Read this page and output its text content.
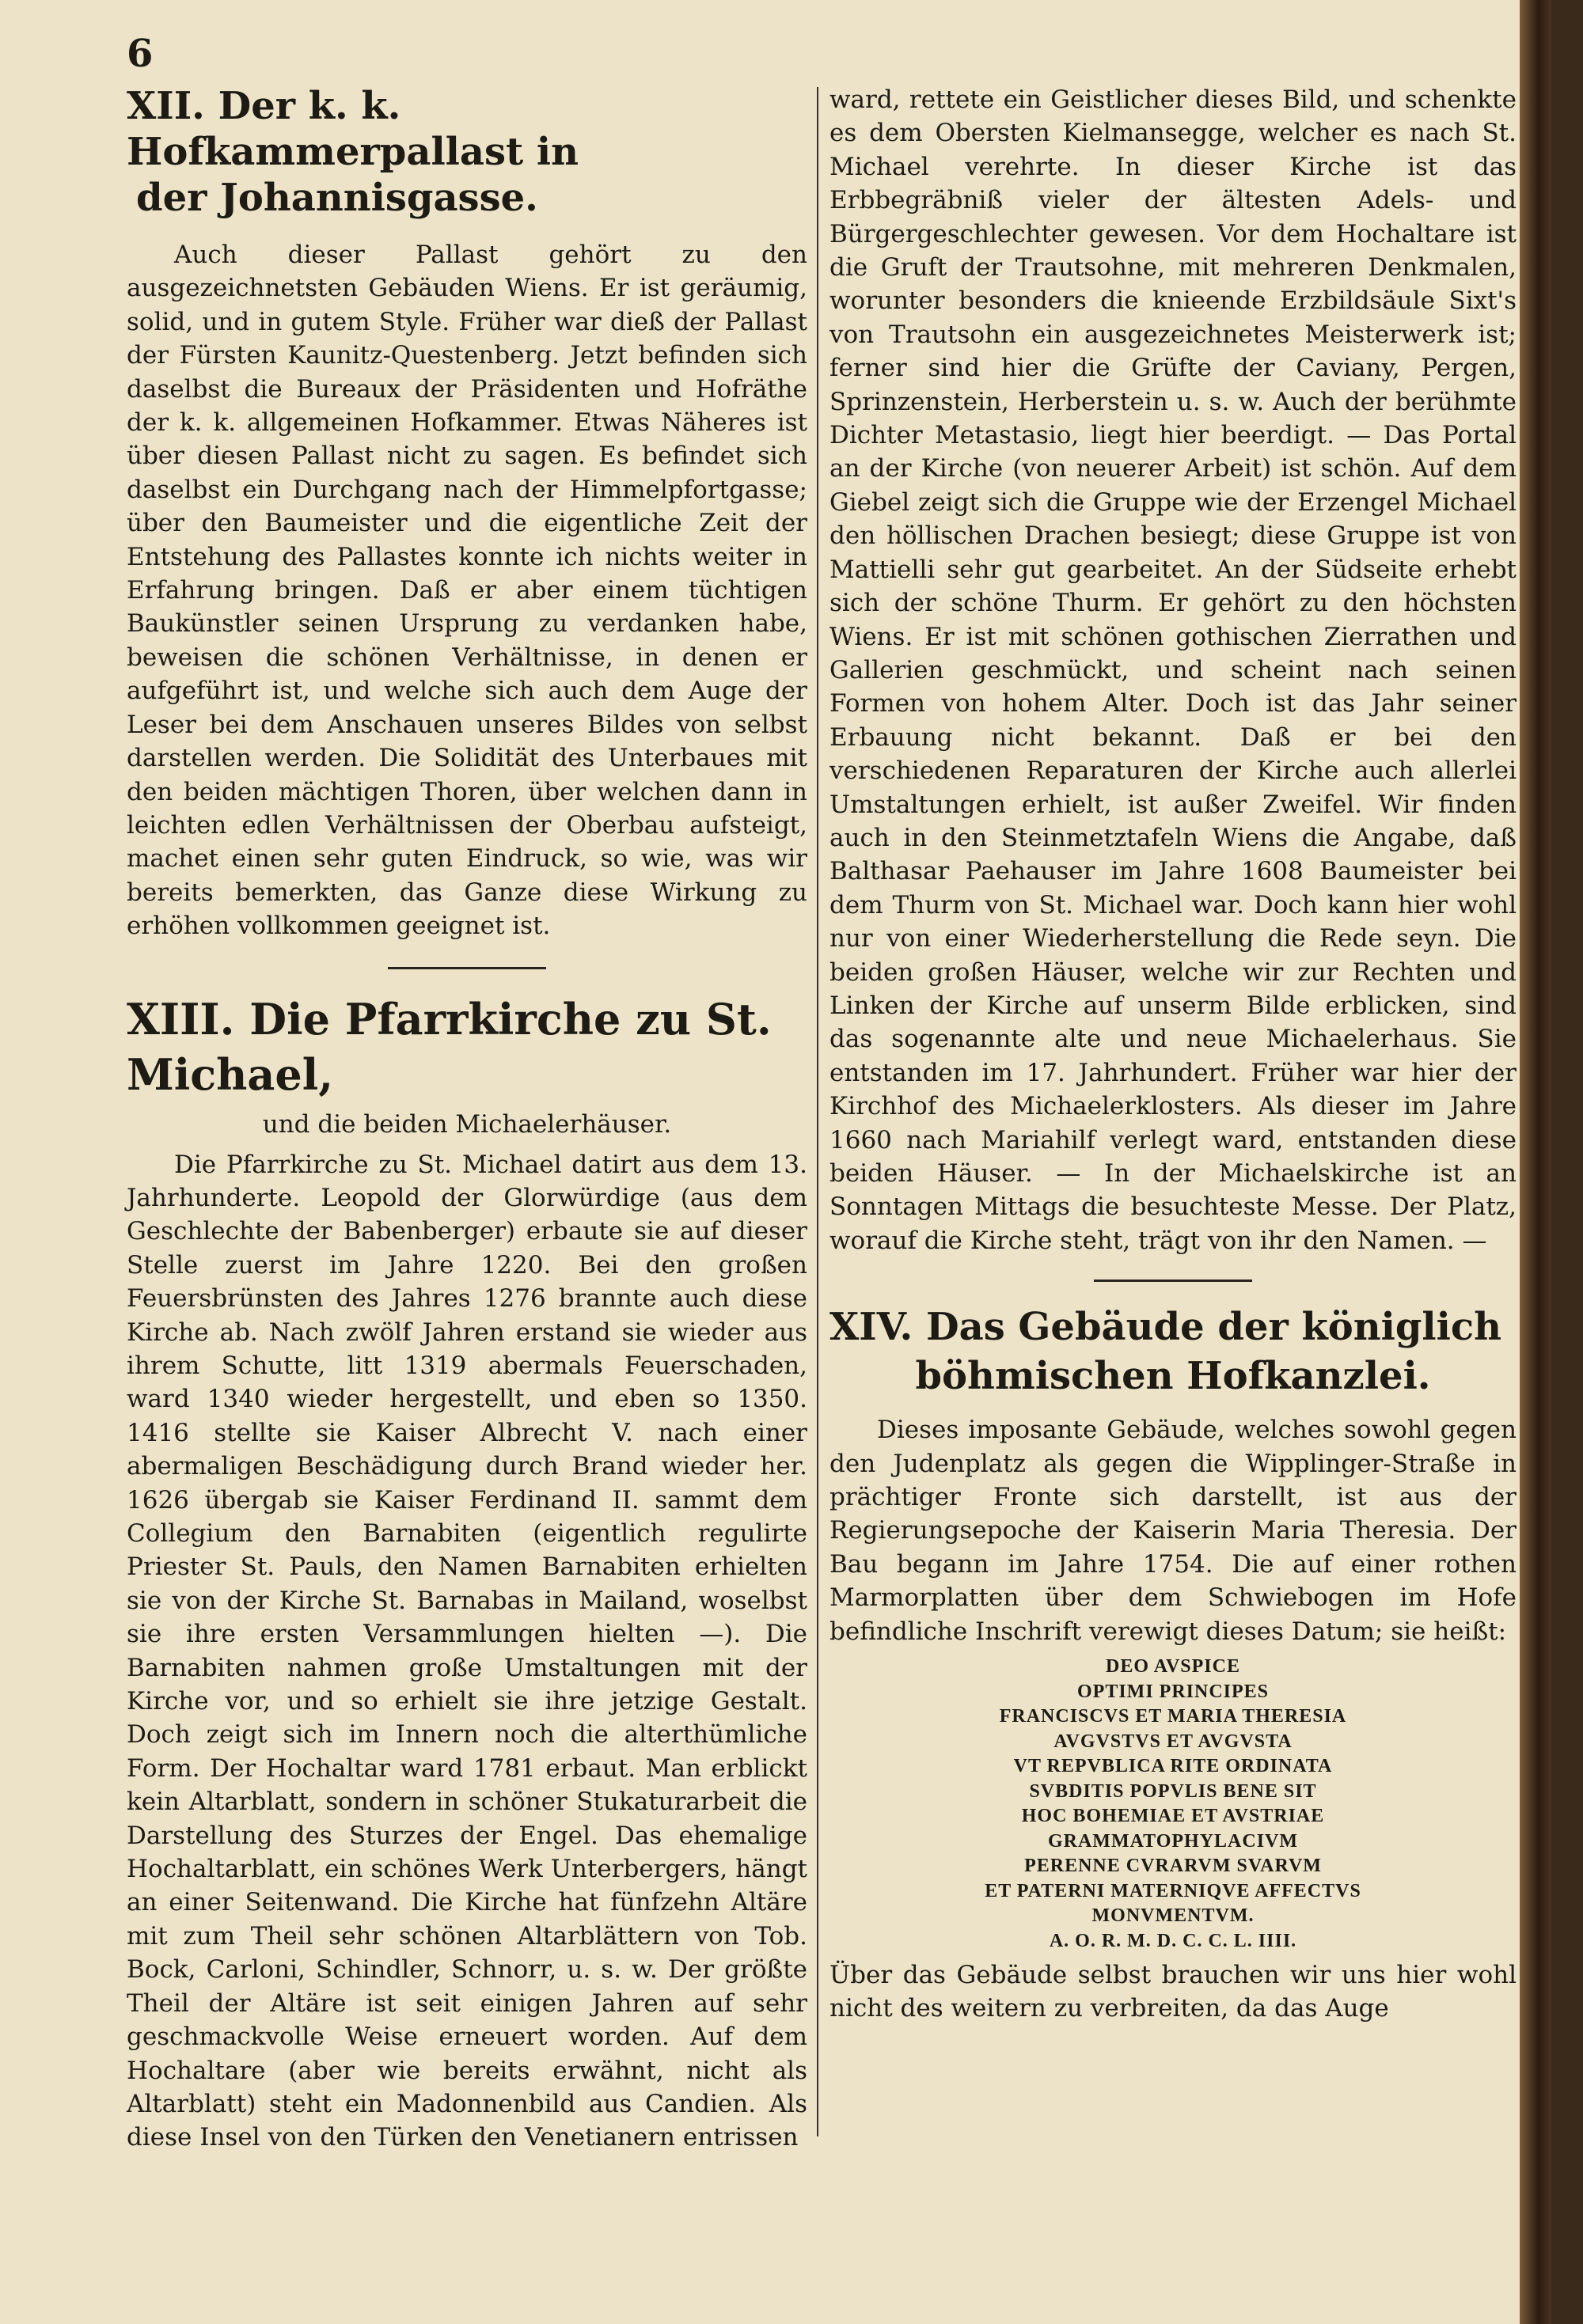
6
XII. Der k. k. Hofkammerpallast in
der Johannisgasse.

Auch dieser Pallast gehört zu den ausgezeichnetsten Gebäuden Wiens. Er ist geräumig, solid, und in gutem Style. Früher war dieß der Pallast der Fürsten Kaunitz-Questenberg. Jetzt befinden sich daselbst die Bureaux der Präsidenten und Hofräthe der k. k. allgemeinen Hofkammer. Etwas Näheres ist über diesen Pallast nicht zu sagen. Es befindet sich daselbst ein Durchgang nach der Himmelpfortgasse; über den Baumeister und die eigentliche Zeit der Entstehung des Pallastes konnte ich nichts weiter in Erfahrung bringen. Daß er aber einem tüchtigen Baukünstler seinen Ursprung zu verdanken habe, beweisen die schönen Verhältnisse, in denen er aufgeführt ist, und welche sich auch dem Auge der Leser bei dem Anschauen unseres Bildes von selbst darstellen werden. Die Solidität des Unterbaues mit den beiden mächtigen Thoren, über welchen dann in leichten edlen Verhältnissen der Oberbau aufsteigt, machet einen sehr guten Eindruck, so wie, was wir bereits bemerkten, das Ganze diese Wirkung zu erhöhen vollkommen geeignet ist.

XIII. Die Pfarrkirche zu St. Michael,
und die beiden Michaelerhäuser.

Die Pfarrkirche zu St. Michael datirt aus dem 13. Jahrhunderte. Leopold der Glorwürdige (aus dem Geschlechte der Babenberger) erbaute sie auf dieser Stelle zuerst im Jahre 1220. Bei den großen Feuersbrünsten des Jahres 1276 brannte auch diese Kirche ab. Nach zwölf Jahren erstand sie wieder aus ihrem Schutte, litt 1319 abermals Feuerschaden, ward 1340 wieder hergestellt, und eben so 1350. 1416 stellte sie Kaiser Albrecht V. nach einer abermaligen Beschädigung durch Brand wieder her. 1626 übergab sie Kaiser Ferdinand II. sammt dem Collegium den Barnabiten (eigentlich regulirte Priester St. Pauls, den Namen Barnabiten erhielten sie von der Kirche St. Barnabas in Mailand, woselbst sie ihre ersten Versammlungen hielten —). Die Barnabiten nahmen große Umstaltungen mit der Kirche vor, und so erhielt sie ihre jetzige Gestalt. Doch zeigt sich im Innern noch die alterthümliche Form. Der Hochaltar ward 1781 erbaut. Man erblickt kein Altarblatt, sondern in schöner Stukaturarbeit die Darstellung des Sturzes der Engel. Das ehemalige Hochaltarblatt, ein schönes Werk Unterbergers, hängt an einer Seitenwand. Die Kirche hat fünfzehn Altäre mit zum Theil sehr schönen Altarblättern von Tob. Bock, Carloni, Schindler, Schnorr, u. s. w. Der größte Theil der Altäre ist seit einigen Jahren auf sehr geschmackvolle Weise erneuert worden. Auf dem Hochaltare (aber wie bereits erwähnt, nicht als Altarblatt) steht ein Madonnenbild aus Candien. Als diese Insel von den Türken den Venetianern entrissen

ward, rettete ein Geistlicher dieses Bild, und schenkte es dem Obersten Kielmansegge, welcher es nach St. Michael verehrte. In dieser Kirche ist das Erbbegräbniß vieler der ältesten Adels- und Bürgergeschlechter gewesen. Vor dem Hochaltare ist die Gruft der Trautsohne, mit mehreren Denkmalen, worunter besonders die knieende Erzbildsäule Sixt's von Trautsohn ein ausgezeichnetes Meisterwerk ist; ferner sind hier die Grüfte der Caviany, Pergen, Sprinzenstein, Herberstein u. s. w. Auch der berühmte Dichter Metastasio, liegt hier beerdigt. — Das Portal an der Kirche (von neuerer Arbeit) ist schön. Auf dem Giebel zeigt sich die Gruppe wie der Erzengel Michael den höllischen Drachen besiegt; diese Gruppe ist von Mattielli sehr gut gearbeitet. An der Südseite erhebt sich der schöne Thurm. Er gehört zu den höchsten Wiens. Er ist mit schönen gothischen Zierrathen und Gallerien geschmückt, und scheint nach seinen Formen von hohem Alter. Doch ist das Jahr seiner Erbauung nicht bekannt. Daß er bei den verschiedenen Reparaturen der Kirche auch allerlei Umstaltungen erhielt, ist außer Zweifel. Wir finden auch in den Steinmetztafeln Wiens die Angabe, daß Balthasar Paehauser im Jahre 1608 Baumeister bei dem Thurm von St. Michael war. Doch kann hier wohl nur von einer Wiederherstellung die Rede seyn. Die beiden großen Häuser, welche wir zur Rechten und Linken der Kirche auf unserm Bilde erblicken, sind das sogenannte alte und neue Michaelerhaus. Sie entstanden im 17. Jahrhundert. Früher war hier der Kirchhof des Michaelerklosters. Als dieser im Jahre 1660 nach Mariahilf verlegt ward, entstanden diese beiden Häuser. — In der Michaelskirche ist an Sonntagen Mittags die besuchteste Messe. Der Platz, worauf die Kirche steht, trägt von ihr den Namen. —

XIV. Das Gebäude der königlich
böhmischen Hofkanzlei.

Dieses imposante Gebäude, welches sowohl gegen den Judenplatz als gegen die Wipplinger-Straße in prächtiger Fronte sich darstellt, ist aus der Regierungsepoche der Kaiserin Maria Theresia. Der Bau begann im Jahre 1754. Die auf einer rothen Marmorplatten über dem Schwiebogen im Hofe befindliche Inschrift verewigt dieses Datum; sie heißt:

DEO AVSPICE
OPTIMI PRINCIPES
FRANCISCVS ET MARIA THERESIA
AVGVSTVS ET AVGVSTA
VT REPVBLICA RITE ORDINATA
SVBDITIS POPVLIS BENE SIT
HOC BOHEMIAE ET AVSTRIAE
GRAMMATOPHYLACIVM
PERENNE CVRARVM SVARVM
ET PATERNI MATERNIQVE AFFECTVS
MONVMENTVM.
A. O. R. M. D. C. C. L. IIII.

Über das Gebäude selbst brauchen wir uns hier wohl nicht des weitern zu verbreiten, da das Auge
